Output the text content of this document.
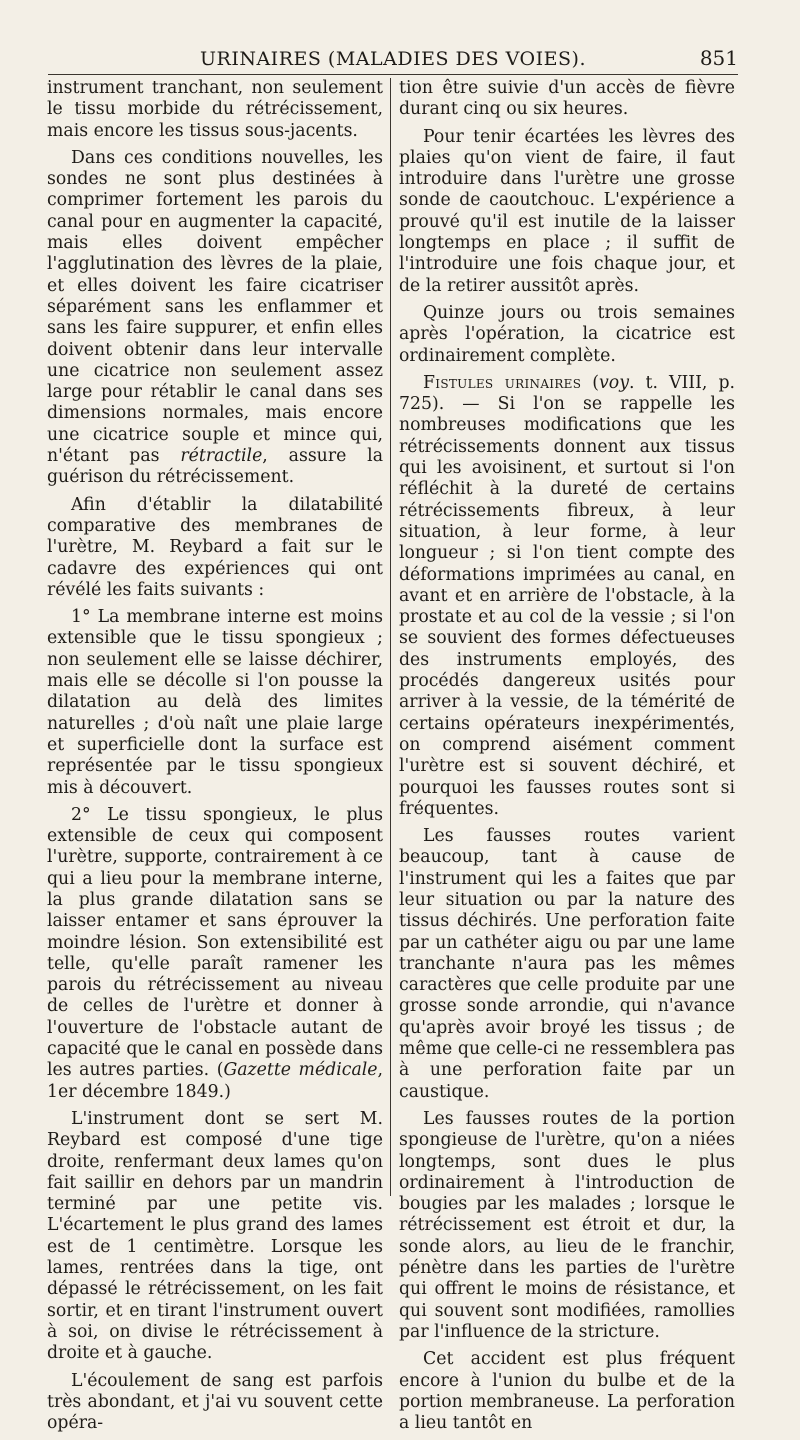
URINAIRES (MALADIES DES VOIES).	851

instrument tranchant, non seulement le tissu morbide du rétrécissement, mais encore les tissus sous-jacents.

Dans ces conditions nouvelles, les sondes ne sont plus destinées à comprimer fortement les parois du canal pour en augmenter la capacité, mais elles doivent empêcher l'agglutination des lèvres de la plaie, et elles doivent les faire cicatriser séparément sans les enflammer et sans les faire suppurer, et enfin elles doivent obtenir dans leur intervalle une cicatrice non seulement assez large pour rétablir le canal dans ses dimensions normales, mais encore une cicatrice souple et mince qui, n'étant pas rétractile, assure la guérison du rétrécissement.

Afin d'établir la dilatabilité comparative des membranes de l'urètre, M. Reybard a fait sur le cadavre des expériences qui ont révélé les faits suivants :

1° La membrane interne est moins extensible que le tissu spongieux ; non seulement elle se laisse déchirer, mais elle se décolle si l'on pousse la dilatation au delà des limites naturelles ; d'où naît une plaie large et superficielle dont la surface est représentée par le tissu spongieux mis à découvert.

2° Le tissu spongieux, le plus extensible de ceux qui composent l'urètre, supporte, contrairement à ce qui a lieu pour la membrane interne, la plus grande dilatation sans se laisser entamer et sans éprouver la moindre lésion. Son extensibilité est telle, qu'elle paraît ramener les parois du rétrécissement au niveau de celles de l'urètre et donner à l'ouverture de l'obstacle autant de capacité que le canal en possède dans les autres parties. (Gazette médicale, 1er décembre 1849.)

L'instrument dont se sert M. Reybard est composé d'une tige droite, renfermant deux lames qu'on fait saillir en dehors par un mandrin terminé par une petite vis. L'écartement le plus grand des lames est de 1 centimètre. Lorsque les lames, rentrées dans la tige, ont dépassé le rétrécissement, on les fait sortir, et en tirant l'instrument ouvert à soi, on divise le rétrécissement à droite et à gauche.

L'écoulement de sang est parfois très abondant, et j'ai vu souvent cette opéra-

tion être suivie d'un accès de fièvre durant cinq ou six heures.

Pour tenir écartées les lèvres des plaies qu'on vient de faire, il faut introduire dans l'urètre une grosse sonde de caoutchouc. L'expérience a prouvé qu'il est inutile de la laisser longtemps en place ; il suffit de l'introduire une fois chaque jour, et de la retirer aussitôt après.

Quinze jours ou trois semaines après l'opération, la cicatrice est ordinairement complète.

Fistules urinaires (voy. t. VIII, p. 725). — Si l'on se rappelle les nombreuses modifications que les rétrécissements donnent aux tissus qui les avoisinent, et surtout si l'on réfléchit à la dureté de certains rétrécissements fibreux, à leur situation, à leur forme, à leur longueur ; si l'on tient compte des déformations imprimées au canal, en avant et en arrière de l'obstacle, à la prostate et au col de la vessie ; si l'on se souvient des formes défectueuses des instruments employés, des procédés dangereux usités pour arriver à la vessie, de la témérité de certains opérateurs inexpérimentés, on comprend aisément comment l'urètre est si souvent déchiré, et pourquoi les fausses routes sont si fréquentes.

Les fausses routes varient beaucoup, tant à cause de l'instrument qui les a faites que par leur situation ou par la nature des tissus déchirés. Une perforation faite par un cathéter aigu ou par une lame tranchante n'aura pas les mêmes caractères que celle produite par une grosse sonde arrondie, qui n'avance qu'après avoir broyé les tissus ; de même que celle-ci ne ressemblera pas à une perforation faite par un caustique.

Les fausses routes de la portion spongieuse de l'urètre, qu'on a niées longtemps, sont dues le plus ordinairement à l'introduction de bougies par les malades ; lorsque le rétrécissement est étroit et dur, la sonde alors, au lieu de le franchir, pénètre dans les parties de l'urètre qui offrent le moins de résistance, et qui souvent sont modifiées, ramollies par l'influence de la stricture.

Cet accident est plus fréquent encore à l'union du bulbe et de la portion membraneuse. La perforation a lieu tantôt en
